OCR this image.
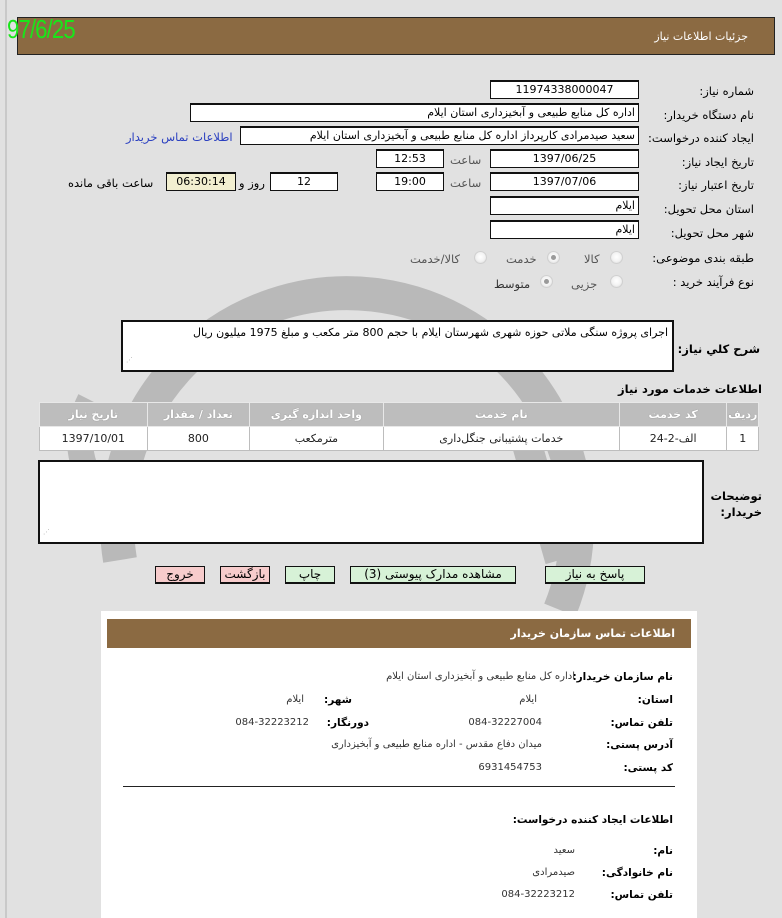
97/6/25	جزئیات اطلاعات نیاز
شماره نیاز:
11974338000047
نام دستگاه خریدار:
اداره کل منابع طبیعی و آبخیزداری استان ایلام
ایجاد کننده درخواست:
سعید صیدمرادی کارپرداز اداره کل منابع طبیعی و آبخیزداری استان ایلام
اطلاعات تماس خریدار
تاریخ ایجاد نیاز:
1397/06/25
ساعت
12:53
تاریخ اعتبار نیاز:
1397/07/06
ساعت
19:00
12
روز و
06:30:14
ساعت باقی مانده
استان محل تحویل:
ایلام
شهر محل تحویل:
ایلام
طبقه بندی موضوعی:
کالا
خدمت
کالا/خدمت
نوع فرآیند خرید :
جزیی
متوسط
شرح کلي نیاز:
اجرای پروژه سنگی ملاتی حوزه شهری شهرستان ایلام با حجم 800 متر مکعب و مبلغ 1975 میلیون ریال
⋰
اطلاعات خدمات مورد نیاز
ردیف	کد خدمت	نام خدمت	واحد اندازه گیری	تعداد / مقدار	تاریخ نیاز
1	الف-2-24	خدمات پشتیبانی جنگل‌داری	مترمکعب	800	1397/10/01
توضیحات
خریدار:
⋰
پاسخ به نیاز
مشاهده مدارک پیوستی (3)
چاپ
بازگشت
خروج
اطلاعات تماس سازمان خریدار
نام سازمان خریدار:
اداره کل منابع طبیعی و آبخیزداری استان ایلام
استان:
ایلام
شهر:
ایلام
تلفن تماس:
084-32227004
دورنگار:
084-32223212
آدرس پستی:
میدان دفاع مقدس - اداره منابع طبیعی و آبخیزداری
کد پستی:
6931454753
اطلاعات ایجاد کننده درخواست:
نام:
سعید
نام خانوادگی:
صیدمرادی
تلفن تماس:
084-32223212
